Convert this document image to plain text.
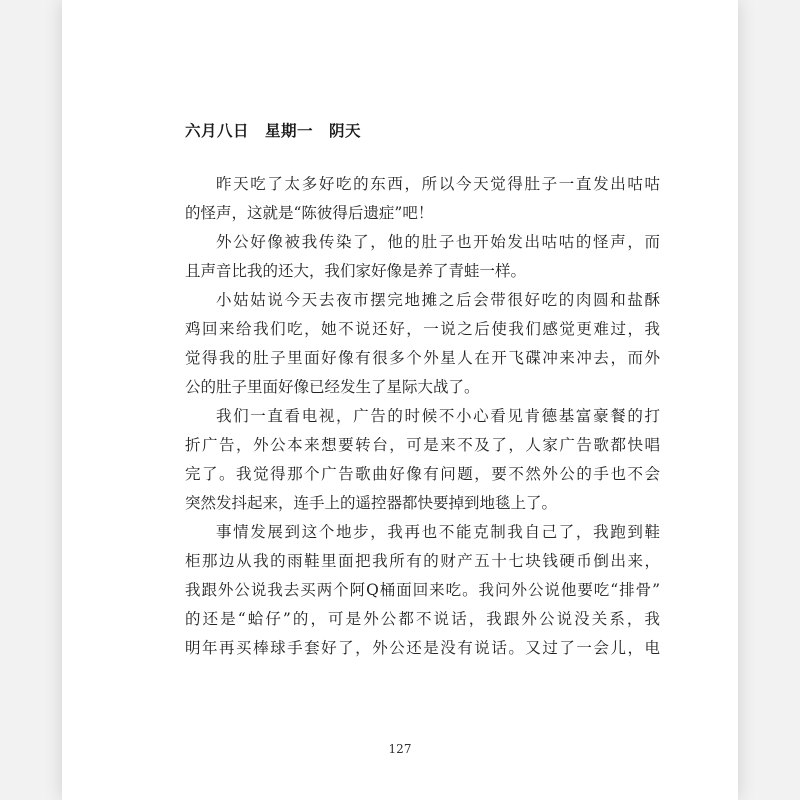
六月八日　星期一　阴天
昨天吃了太多好吃的东西，所以今天觉得肚子一直发出咕咕
的怪声，这就是“陈彼得后遗症”吧！
外公好像被我传染了，他的肚子也开始发出咕咕的怪声，而
且声音比我的还大，我们家好像是养了青蛙一样。
小姑姑说今天去夜市摆完地摊之后会带很好吃的肉圆和盐酥
鸡回来给我们吃，她不说还好，一说之后使我们感觉更难过，我
觉得我的肚子里面好像有很多个外星人在开飞碟冲来冲去，而外
公的肚子里面好像已经发生了星际大战了。
我们一直看电视，广告的时候不小心看见肯德基富豪餐的打
折广告，外公本来想要转台，可是来不及了，人家广告歌都快唱
完了。我觉得那个广告歌曲好像有问题，要不然外公的手也不会
突然发抖起来，连手上的遥控器都快要掉到地毯上了。
事情发展到这个地步，我再也不能克制我自己了，我跑到鞋
柜那边从我的雨鞋里面把我所有的财产五十七块钱硬币倒出来，
我跟外公说我去买两个阿Q桶面回来吃。我问外公说他要吃“排骨”
的还是“蛤仔”的，可是外公都不说话，我跟外公说没关系，我
明年再买棒球手套好了，外公还是没有说话。又过了一会儿，电
127
